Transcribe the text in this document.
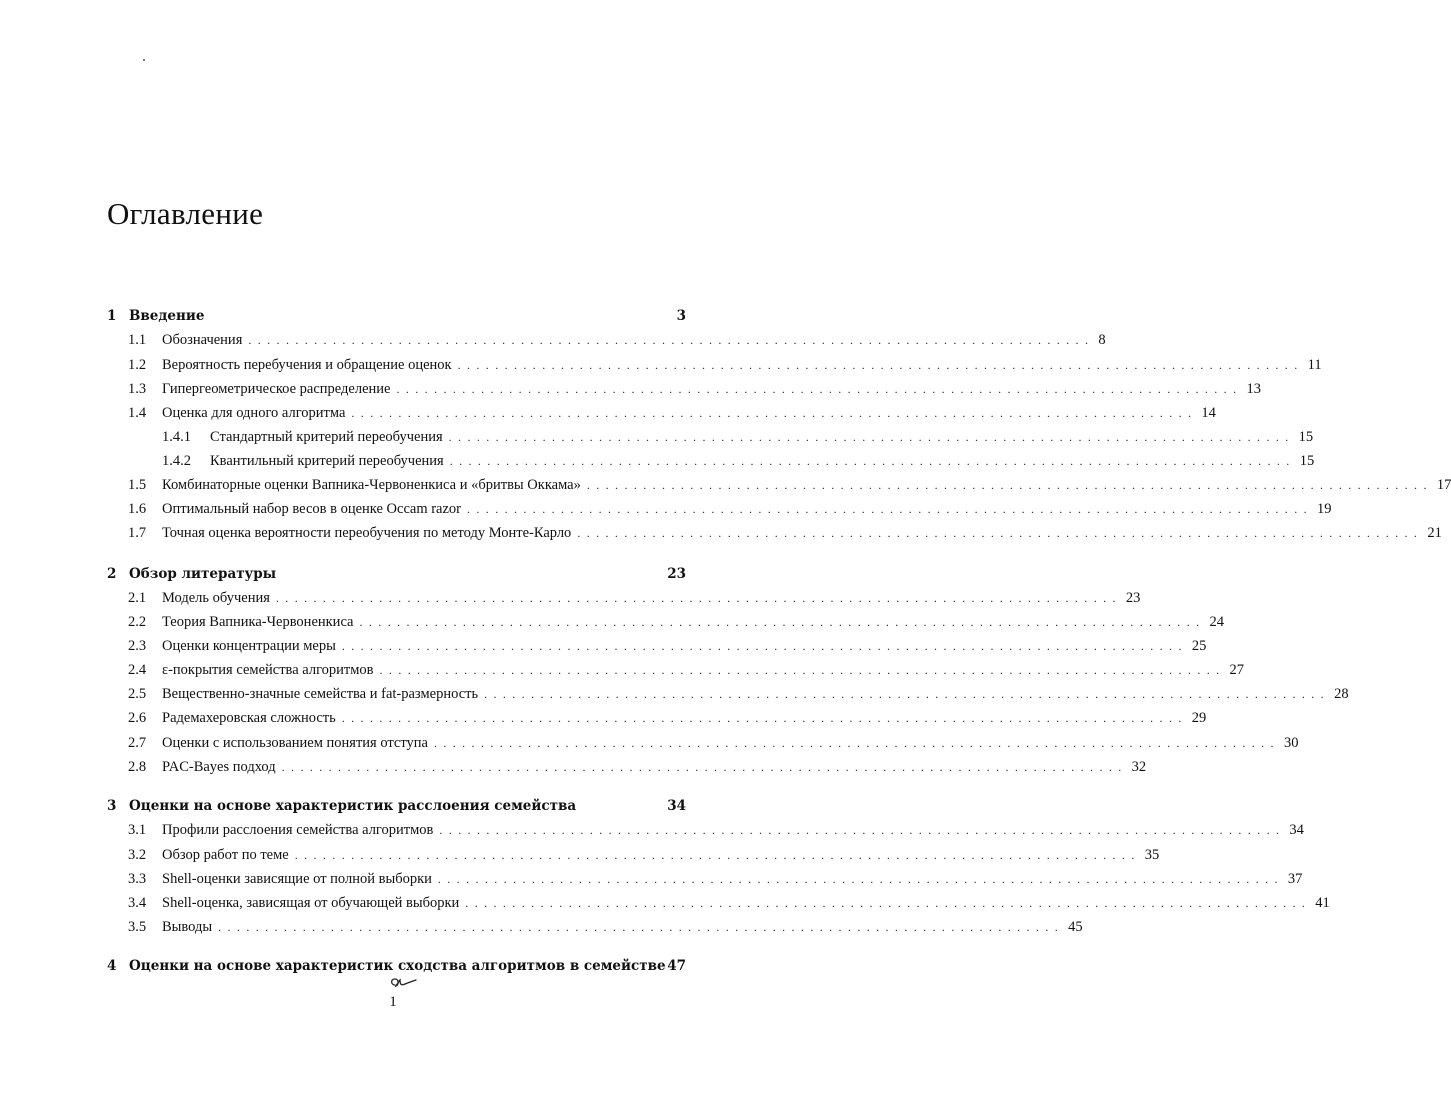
Оглавление
1 Введение	3
1.1	Обозначения .......................................................................................... 8
1.2	Вероятность перебучения и обращение оценок .......................................................................................... 11
1.3	Гипергеометрическое распределение .......................................................................................... 13
1.4	Оценка для одного алгоритма .......................................................................................... 14
1.4.1	Стандартный критерий переобучения .......................................................................................... 15
1.4.2	Квантильный критерий переобучения .......................................................................................... 15
1.5	Комбинаторные оценки Вапника-Червоненкиса и «бритвы Оккама» .......................................................................................... 17
1.6	Оптимальный набор весов в оценке Occam razor .......................................................................................... 19
1.7	Точная оценка вероятности переобучения по методу Монте-Карло .......................................................................................... 21
2 Обзор литературы	23
2.1	Модель обучения .......................................................................................... 23
2.2	Теория Вапника-Червоненкиса .......................................................................................... 24
2.3	Оценки концентрации меры .......................................................................................... 25
2.4	ε-покрытия семейства алгоритмов .......................................................................................... 27
2.5	Вещественно-значные семейства и fat-размерность .......................................................................................... 28
2.6	Радемахеровская сложность .......................................................................................... 29
2.7	Оценки с использованием понятия отступа .......................................................................................... 30
2.8	PAC-Bayes подход .......................................................................................... 32
3 Оценки на основе характеристик расслоения семейства	34
3.1	Профили расслоения семейства алгоритмов .......................................................................................... 34
3.2	Обзор работ по теме .......................................................................................... 35
3.3	Shell-оценки зависящие от полной выборки .......................................................................................... 37
3.4	Shell-оценка, зависящая от обучающей выборки .......................................................................................... 41
3.5	Выводы .......................................................................................... 45
4 Оценки на основе характеристик сходства алгоритмов в семействе 47
1
